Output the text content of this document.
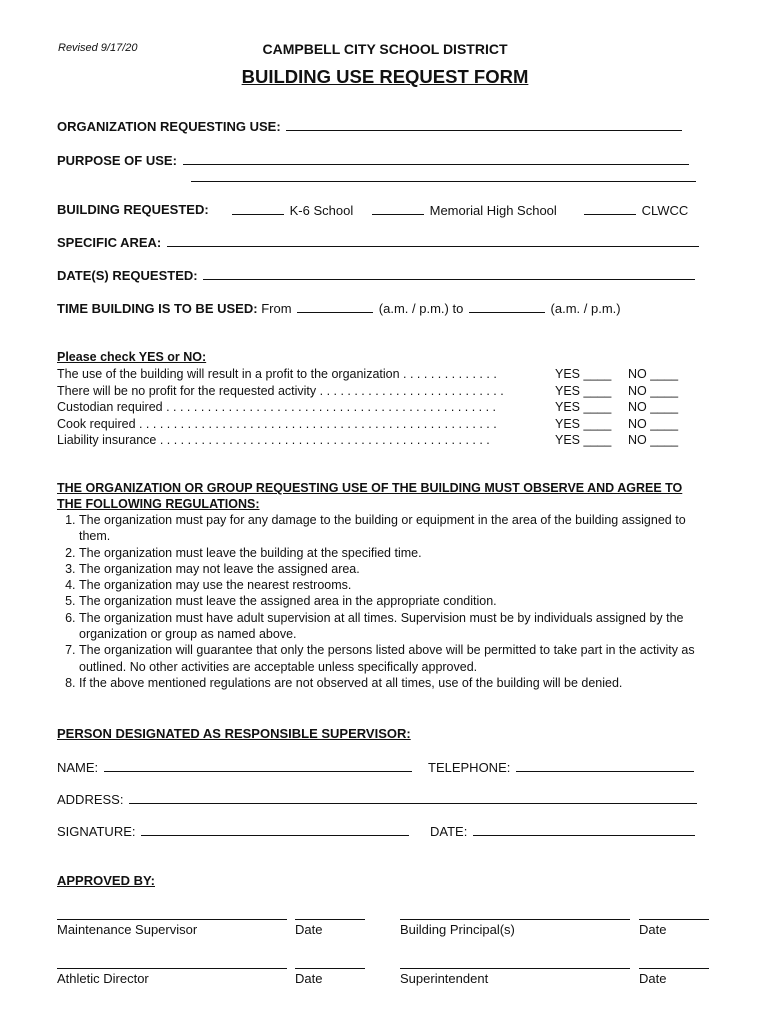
Revised 9/17/20	CAMPBELL CITY SCHOOL DISTRICT
BUILDING USE REQUEST FORM
ORGANIZATION REQUESTING USE:
PURPOSE OF USE:
BUILDING REQUESTED:	K-6 School	Memorial High School	CLWCC
SPECIFIC AREA:
DATE(S) REQUESTED:
TIME BUILDING IS TO BE USED: From	(a.m. / p.m.) to	(a.m. / p.m.)
Please check YES or NO:
The use of the building will result in a profit to the organization . . . . . . . . . . . . . .	YES ____ NO ____
There will be no profit for the requested activity . . . . . . . . . . . . . . . . . . . . . . . . . . .	YES ____ NO ____
Custodian required . . . . . . . . . . . . . . . . . . . . . . . . . . . . . . . . . . . . . . . . . . . . . . . .	YES ____ NO ____
Cook required . . . . . . . . . . . . . . . . . . . . . . . . . . . . . . . . . . . . . . . . . . . . . . . . . . . .	YES ____ NO ____
Liability insurance . . . . . . . . . . . . . . . . . . . . . . . . . . . . . . . . . . . . . . . . . . . . . . . .	YES ____ NO ____
THE ORGANIZATION OR GROUP REQUESTING USE OF THE BUILDING MUST OBSERVE AND AGREE TO THE FOLLOWING REGULATIONS:
1. The organization must pay for any damage to the building or equipment in the area of the building assigned to them.
2. The organization must leave the building at the specified time.
3. The organization may not leave the assigned area.
4. The organization may use the nearest restrooms.
5. The organization must leave the assigned area in the appropriate condition.
6. The organization must have adult supervision at all times. Supervision must be by individuals assigned by the organization or group as named above.
7. The organization will guarantee that only the persons listed above will be permitted to take part in the activity as outlined. No other activities are acceptable unless specifically approved.
8. If the above mentioned regulations are not observed at all times, use of the building will be denied.
PERSON DESIGNATED AS RESPONSIBLE SUPERVISOR:
NAME:	TELEPHONE:
ADDRESS:
SIGNATURE:	DATE:
APPROVED BY:
Maintenance Supervisor	Date	Building Principal(s)	Date
Athletic Director	Date	Superintendent	Date
